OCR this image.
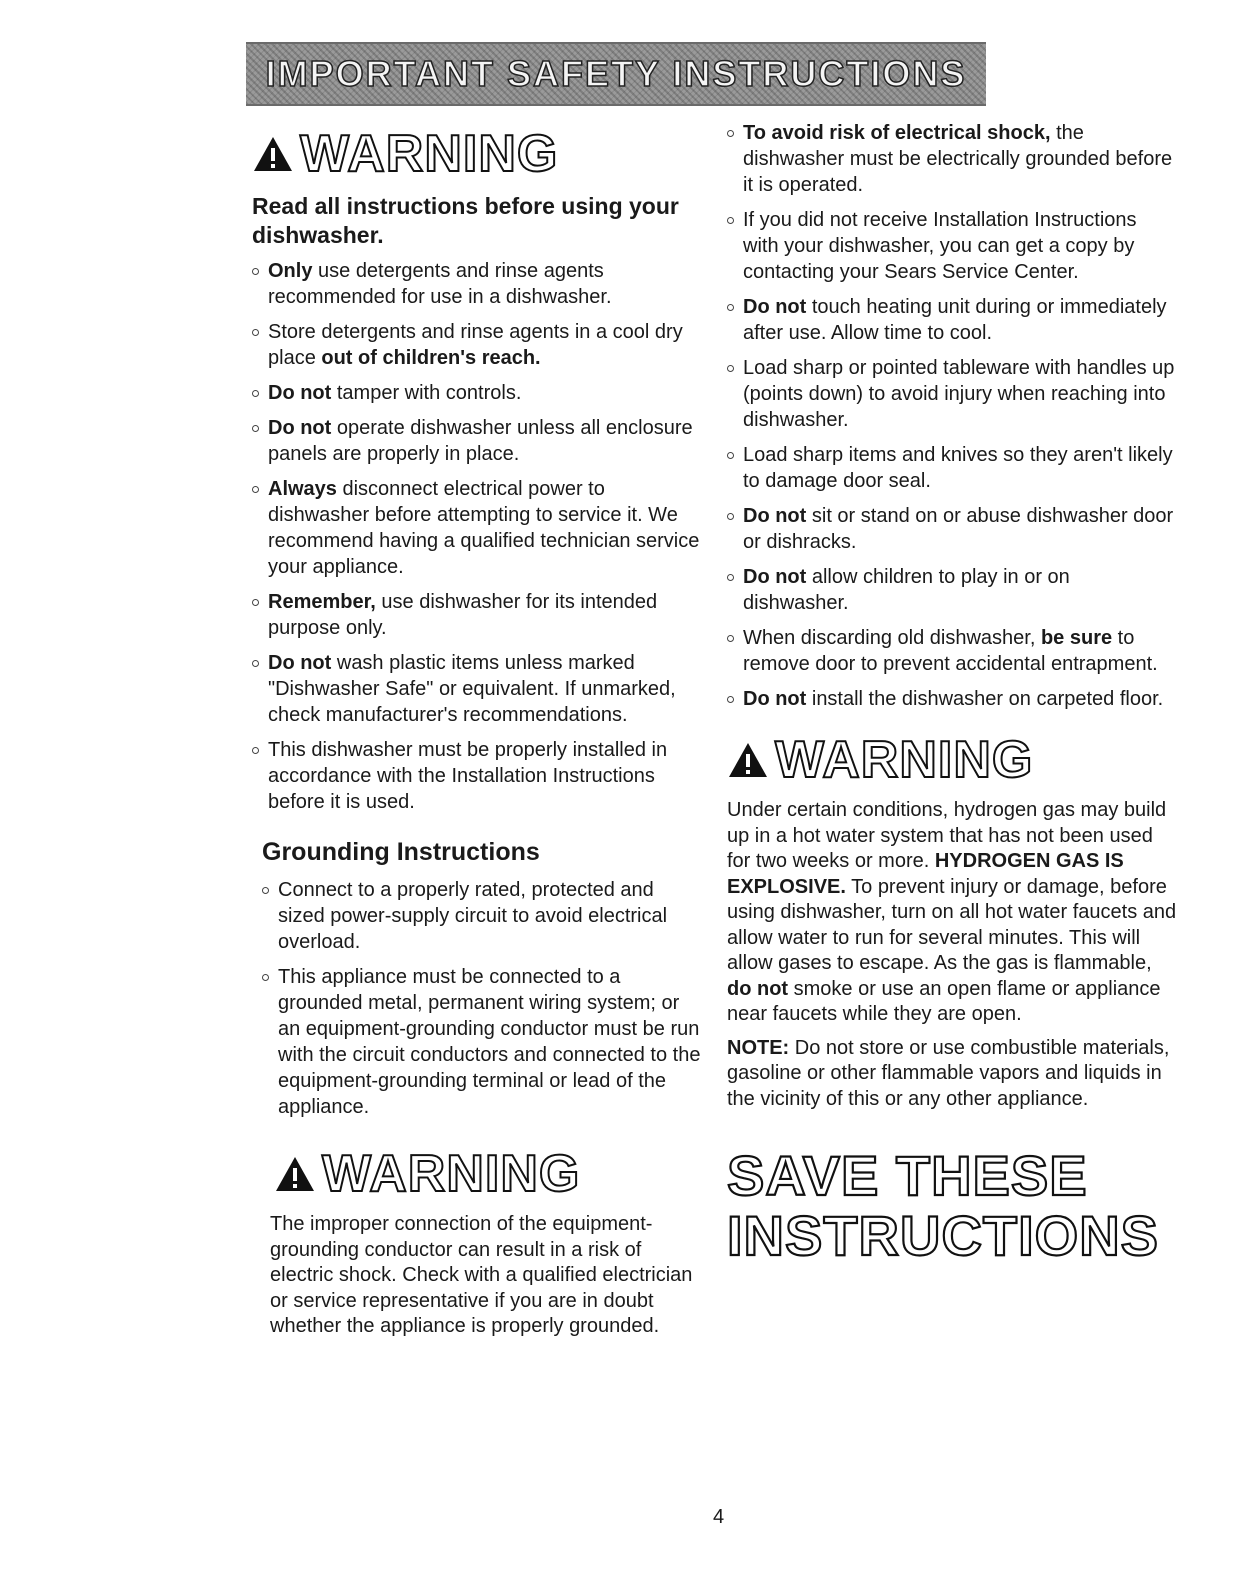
IMPORTANT SAFETY INSTRUCTIONS
WARNING
Read all instructions before using your dishwasher.
Only use detergents and rinse agents recommended for use in a dishwasher.
Store detergents and rinse agents in a cool dry place out of children's reach.
Do not tamper with controls.
Do not operate dishwasher unless all enclosure panels are properly in place.
Always disconnect electrical power to dishwasher before attempting to service it. We recommend having a qualified technician service your appliance.
Remember, use dishwasher for its intended purpose only.
Do not wash plastic items unless marked "Dishwasher Safe" or equivalent. If unmarked, check manufacturer's recommendations.
This dishwasher must be properly installed in accordance with the Installation Instructions before it is used.
Grounding Instructions
Connect to a properly rated, protected and sized power-supply circuit to avoid electrical overload.
This appliance must be connected to a grounded metal, permanent wiring system; or an equipment-grounding conductor must be run with the circuit conductors and connected to the equipment-grounding terminal or lead of the appliance.
WARNING

The improper connection of the equipment-grounding conductor can result in a risk of electric shock. Check with a qualified electrician or service representative if you are in doubt whether the appliance is properly grounded.

To avoid risk of electrical shock, the dishwasher must be electrically grounded before it is operated.
If you did not receive Installation Instructions with your dishwasher, you can get a copy by contacting your Sears Service Center.
Do not touch heating unit during or immediately after use. Allow time to cool.
Load sharp or pointed tableware with handles up (points down) to avoid injury when reaching into dishwasher.
Load sharp items and knives so they aren't likely to damage door seal.
Do not sit or stand on or abuse dishwasher door or dishracks.
Do not allow children to play in or on dishwasher.
When discarding old dishwasher, be sure to remove door to prevent accidental entrapment.
Do not install the dishwasher on carpeted floor.
WARNING

Under certain conditions, hydrogen gas may build up in a hot water system that has not been used for two weeks or more. HYDROGEN GAS IS EXPLOSIVE. To prevent injury or damage, before using dishwasher, turn on all hot water faucets and allow water to run for several minutes. This will allow gases to escape. As the gas is flammable, do not smoke or use an open flame or appliance near faucets while they are open.

NOTE: Do not store or use combustible materials, gasoline or other flammable vapors and liquids in the vicinity of this or any other appliance.

SAVE THESE
INSTRUCTIONS
4
